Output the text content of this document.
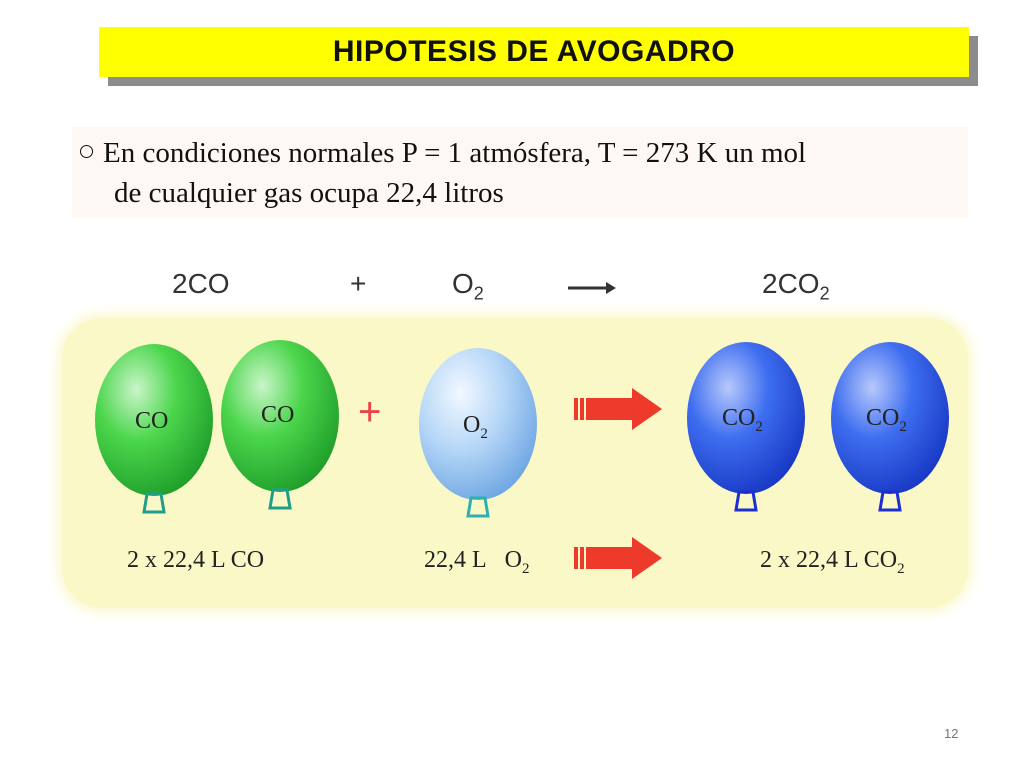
HIPOTESIS DE AVOGADRO
En condiciones normales P = 1 atmósfera, T = 273 K un mol
de cualquier gas ocupa 22,4 litros
2CO	+	$O_2$	$2CO_2$
CO	CO +	$O_2$
$CO_2$	$CO_2$
2 x 22,4 L CO	22,4 L $O_2$	2 x 22,4 L $CO_2$
12
